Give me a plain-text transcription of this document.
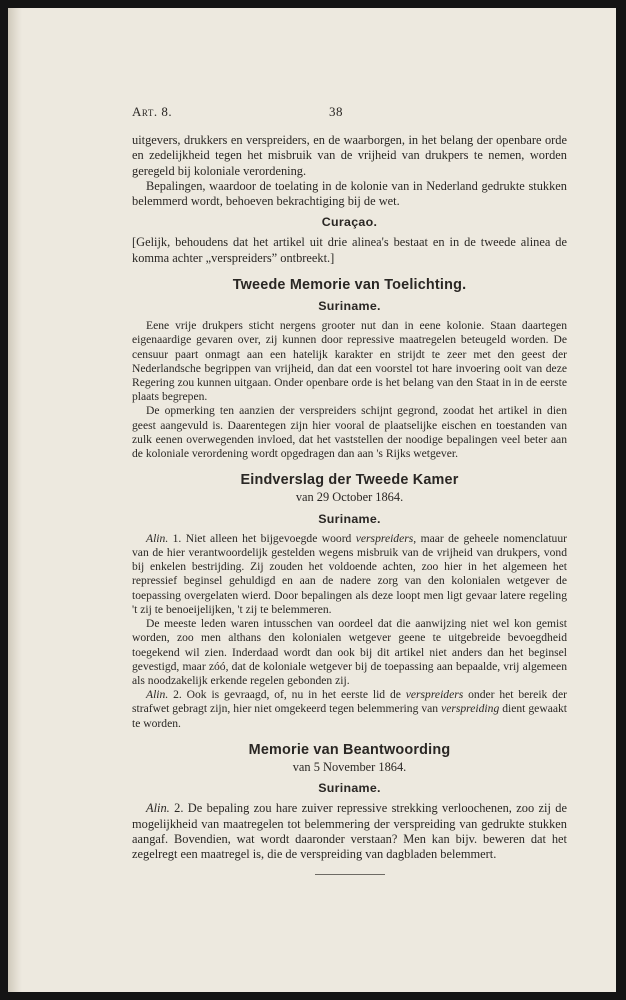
Art. 8.	38

uitgevers, drukkers en verspreiders, en de waarborgen, in het belang der openbare orde en zedelijkheid tegen het misbruik van de vrijheid van drukpers te nemen, worden geregeld bij koloniale verordening.

Bepalingen, waardoor de toelating in de kolonie van in Nederland gedrukte stukken belemmerd wordt, behoeven bekrachtiging bij de wet.

Curaçao.

[Gelijk, behoudens dat het artikel uit drie alinea's bestaat en in de tweede alinea de komma achter „verspreiders” ontbreekt.]

Tweede Memorie van Toelichting.
Suriname.

Eene vrije drukpers sticht nergens grooter nut dan in eene kolonie. Staan daartegen eigenaardige gevaren over, zij kunnen door repressive maatregelen beteugeld worden. De censuur paart onmagt aan een hatelijk karakter en strijdt te zeer met den geest der Nederlandsche begrippen van vrijheid, dan dat een voorstel tot hare invoering ooit van deze Regering zou kunnen uitgaan. Onder openbare orde is het belang van den Staat in in de eerste plaats begrepen.

De opmerking ten aanzien der verspreiders schijnt gegrond, zoodat het artikel in dien geest aangevuld is. Daarentegen zijn hier vooral de plaatselijke eischen en toestanden van zulk eenen overwegenden invloed, dat het vaststellen der noodige bepalingen veel beter aan de koloniale verordening wordt opgedragen dan aan 's Rijks wetgever.

Eindverslag der Tweede Kamer
van 29 October 1864.
Suriname.

Alin. 1. Niet alleen het bijgevoegde woord verspreiders, maar de geheele nomenclatuur van de hier verantwoordelijk gestelden wegens misbruik van de vrijheid van drukpers, vond bij enkelen bestrijding. Zij zouden het voldoende achten, zoo hier in het algemeen het repressief beginsel gehuldigd en aan de nadere zorg van den kolonialen wetgever de toepassing overgelaten wierd. Door bepalingen als deze loopt men ligt gevaar latere regeling 't zij te benoeijelijken, 't zij te belemmeren.

De meeste leden waren intusschen van oordeel dat die aanwijzing niet wel kon gemist worden, zoo men althans den kolonialen wetgever geene te uitgebreide bevoegdheid toegekend wil zien. Inderdaad wordt dan ook bij dit artikel niet anders dan het beginsel gevestigd, maar zóó, dat de koloniale wetgever bij de toepassing aan bepaalde, vrij algemeen als noodzakelijk erkende regelen gebonden zij.

Alin. 2. Ook is gevraagd, of, nu in het eerste lid de verspreiders onder het bereik der strafwet gebragt zijn, hier niet omgekeerd tegen belemmering van verspreiding dient gewaakt te worden.

Memorie van Beantwoording
van 5 November 1864.
Suriname.

Alin. 2. De bepaling zou hare zuiver repressive strekking verloochenen, zoo zij de mogelijkheid van maatregelen tot belemmering der verspreiding van gedrukte stukken aangaf. Bovendien, wat wordt daaronder verstaan? Men kan bijv. beweren dat het zegelregt een maatregel is, die de verspreiding van dagbladen belemmert.
